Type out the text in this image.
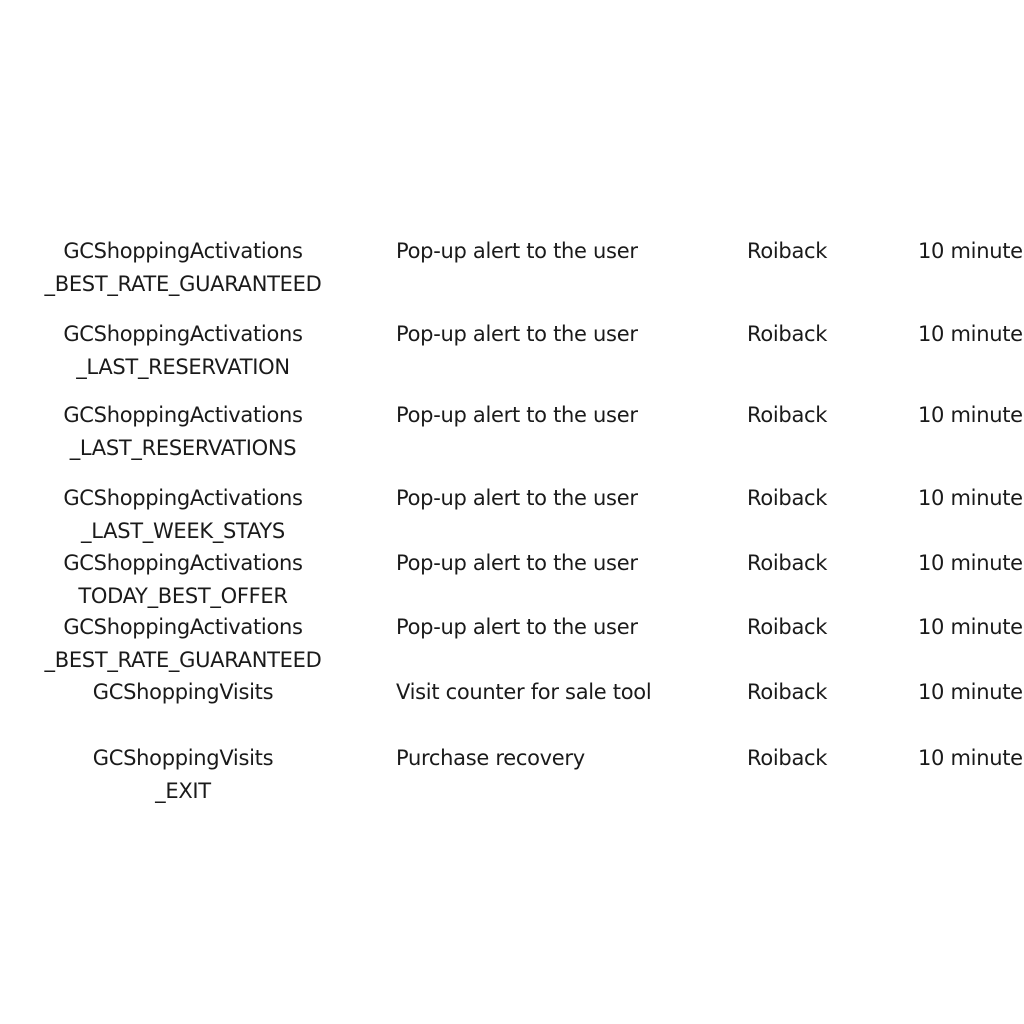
GCShoppingActivations
_BEST_RATE_GUARANTEED
Pop-up alert to the user	Roiback	10 minute
GCShoppingActivations
_LAST_RESERVATION
Pop-up alert to the user	Roiback	10 minute
GCShoppingActivations
_LAST_RESERVATIONS
Pop-up alert to the user	Roiback	10 minute
GCShoppingActivations
_LAST_WEEK_STAYS
Pop-up alert to the user	Roiback	10 minute
GCShoppingActivations
TODAY_BEST_OFFER
Pop-up alert to the user	Roiback	10 minute
GCShoppingActivations
_BEST_RATE_GUARANTEED
Pop-up alert to the user	Roiback	10 minute
GCShoppingVisits	Visit counter for sale tool	Roiback	10 minute
GCShoppingVisits
_EXIT
Purchase recovery	Roiback	10 minute
